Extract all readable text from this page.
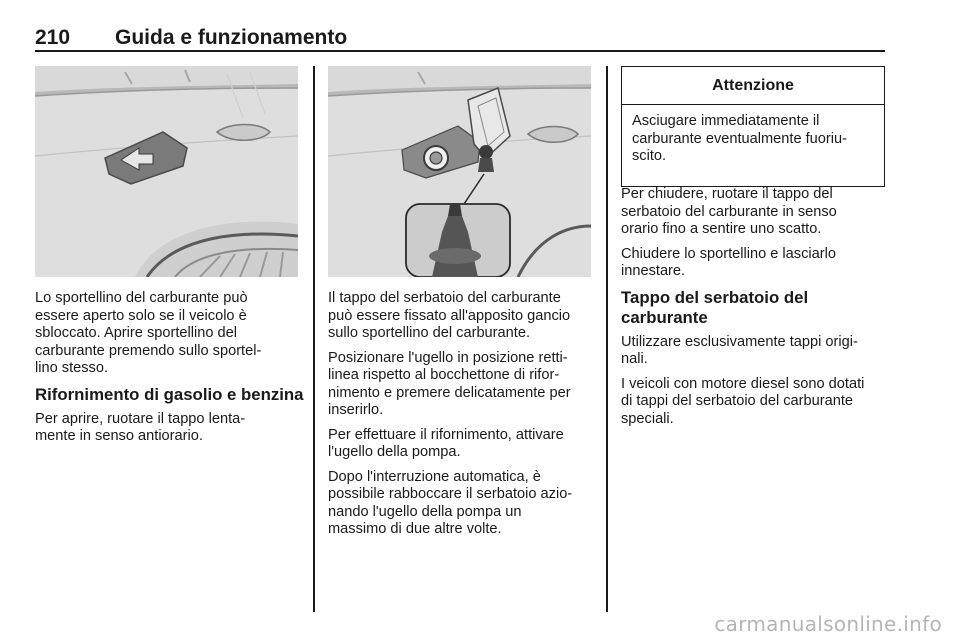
210 Guida e funzionamento

Lo sportellino del carburante può
essere aperto solo se il veicolo è
sbloccato. Aprire sportellino del
carburante premendo sullo sportel-
lino stesso.

Rifornimento di gasolio e benzina

Per aprire, ruotare il tappo lenta-
mente in senso antiorario.

Il tappo del serbatoio del carburante
può essere fissato all'apposito gancio
sullo sportellino del carburante.

Posizionare l'ugello in posizione retti-
linea rispetto al bocchettone di rifor-
nimento e premere delicatamente per
inserirlo.

Per effettuare il rifornimento, attivare
l'ugello della pompa.

Dopo l'interruzione automatica, è
possibile rabboccare il serbatoio azio-
nando l'ugello della pompa un
massimo di due altre volte.

Attenzione
Asciugare immediatamente il
carburante eventualmente fuoriu-
scito.

Per chiudere, ruotare il tappo del
serbatoio del carburante in senso
orario fino a sentire uno scatto.

Chiudere lo sportellino e lasciarlo
innestare.

Tappo del serbatoio del
carburante

Utilizzare esclusivamente tappi origi-
nali.

I veicoli con motore diesel sono dotati
di tappi del serbatoio del carburante
speciali.

carmanualsonline.info
